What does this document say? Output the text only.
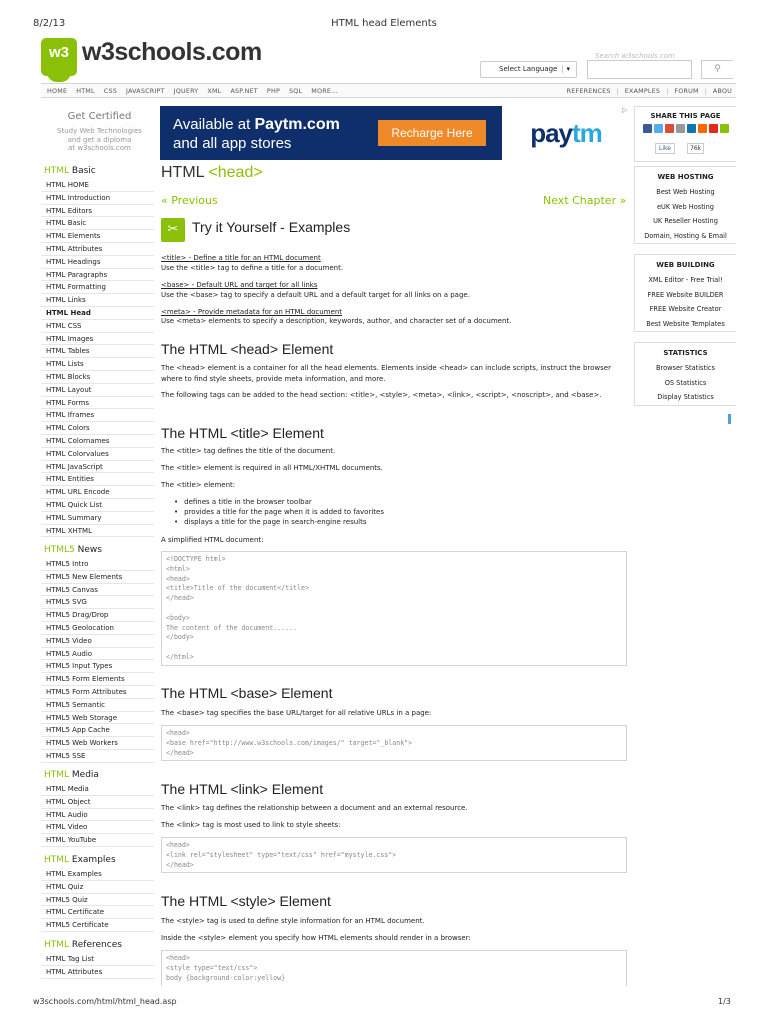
8/2/13	HTML head Elements
w3 w3schools.com	Search w3schools.com
Select Language	▾	⚲
HOME HTML CSS JAVASCRIPT JQUERY XML ASP.NET PHP SQL MORE...	REFERENCES | EXAMPLES | FORUM | ABOU
Get Certified
Study Web Technologies
and get a diploma
at w3schools.com
HTML Basic
HTML HOME
HTML Introduction
HTML Editors
HTML Basic
HTML Elements
HTML Attributes
HTML Headings
HTML Paragraphs
HTML Formatting
HTML Links
HTML Head
HTML CSS
HTML Images
HTML Tables
HTML Lists
HTML Blocks
HTML Layout
HTML Forms
HTML Iframes
HTML Colors
HTML Colornames
HTML Colorvalues
HTML JavaScript
HTML Entities
HTML URL Encode
HTML Quick List
HTML Summary
HTML XHTML
HTML5 News
HTML5 Intro
HTML5 New Elements
HTML5 Canvas
HTML5 SVG
HTML5 Drag/Drop
HTML5 Geolocation
HTML5 Video
HTML5 Audio
HTML5 Input Types
HTML5 Form Elements
HTML5 Form Attributes
HTML5 Semantic
HTML5 Web Storage
HTML5 App Cache
HTML5 Web Workers
HTML5 SSE
HTML Media
HTML Media
HTML Object
HTML Audio
HTML Video
HTML YouTube
HTML Examples
HTML Examples
HTML Quiz
HTML5 Quiz
HTML Certificate
HTML5 Certificate
HTML References
HTML Tag List
HTML Attributes
Available at Paytm.com
and all app stores
Recharge Here	paytm
▷
HTML <head>
« Previous	Next Chapter »
✂ Try it Yourself - Examples
<title> - Define a title for an HTML document
Use the <title> tag to define a title for a document.
<base> - Default URL and target for all links
Use the <base> tag to specify a default URL and a default target for all links on a page.
<meta> - Provide metadata for an HTML document
Use <meta> elements to specify a description, keywords, author, and character set of a document.
The HTML <head> Element
The <head> element is a container for all the head elements. Elements inside <head> can include scripts, instruct the browser where to find style sheets, provide meta information, and more.
The following tags can be added to the head section: <title>, <style>, <meta>, <link>, <script>, <noscript>, and <base>.
The HTML <title> Element
The <title> tag defines the title of the document.
The <title> element is required in all HTML/XHTML documents.
The <title> element:
• defines a title in the browser toolbar
• provides a title for the page when it is added to favorites
• displays a title for the page in search-engine results
A simplified HTML document:
<!DOCTYPE html>
<html>
<head>
<title>Title of the document</title>
</head>

<body>
The content of the document......
</body>

</html>
The HTML <base> Element
The <base> tag specifies the base URL/target for all relative URLs in a page:
<head>
<base href="http://www.w3schools.com/images/" target="_blank">
</head>
The HTML <link> Element
The <link> tag defines the relationship between a document and an external resource.
The <link> tag is most used to link to style sheets:
<head>
<link rel="stylesheet" type="text/css" href="mystyle.css">
</head>
The HTML <style> Element
The <style> tag is used to define style information for an HTML document.
Inside the <style> element you specify how HTML elements should render in a browser:
<head>
<style type="text/css">
body {background-color:yellow}
SHARE THIS PAGE
Like	76k
WEB HOSTING
Best Web Hosting
eUK Web Hosting
UK Reseller Hosting
Domain, Hosting & Email
WEB BUILDING
XML Editor - Free Trial!
FREE Website BUILDER
FREE Website Creator
Best Website Templates
STATISTICS
Browser Statistics
OS Statistics
Display Statistics
w3schools.com/html/html_head.asp	1/3
